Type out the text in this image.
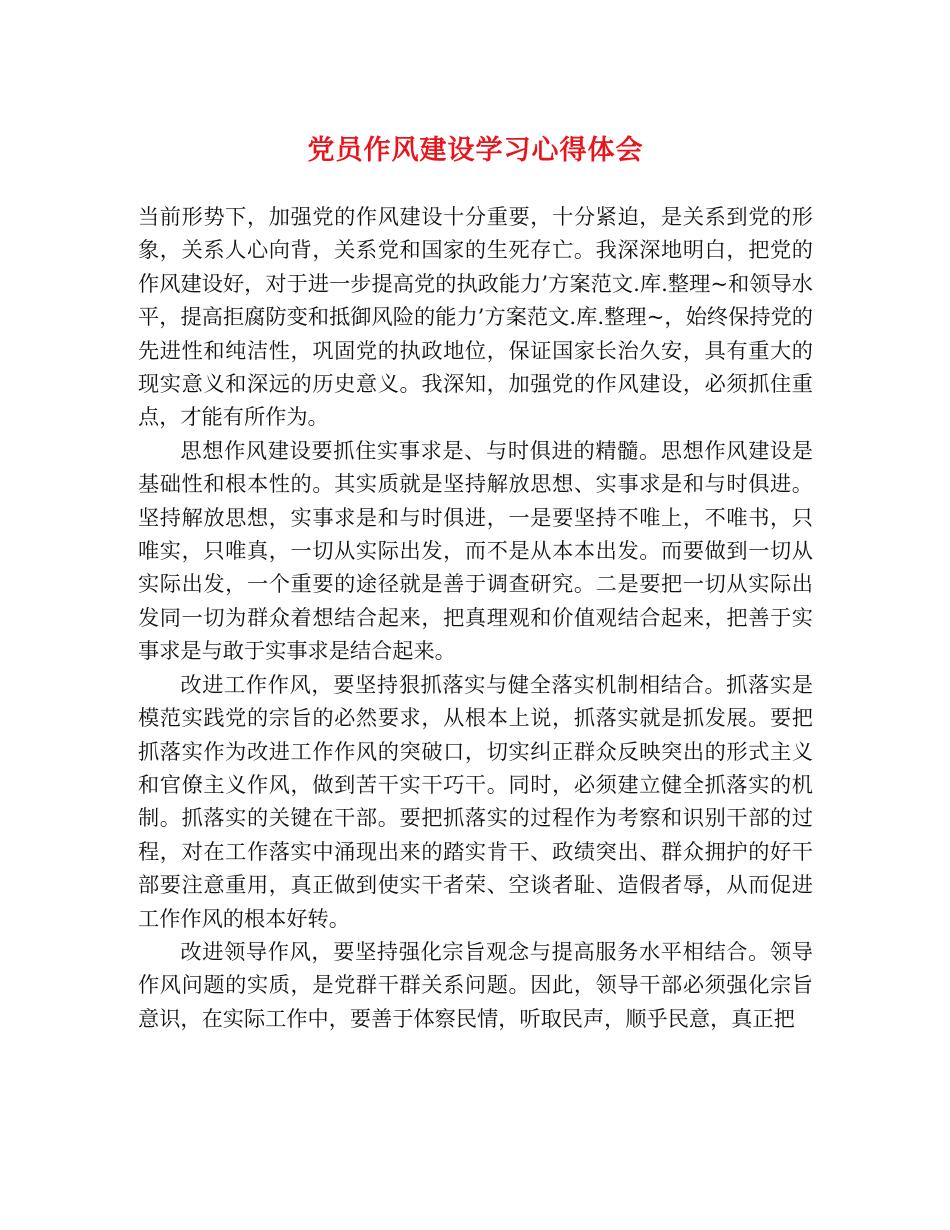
党员作风建设学习心得体会

当前形势下，加强党的作风建设十分重要，十分紧迫，是关系到党的形象，关系人心向背，关系党和国家的生死存亡。我深深地明白，把党的作风建设好，对于进一步提高党的执政能力’方案范文.库.整理~和领导水平，提高拒腐防变和抵御风险的能力’方案范文.库.整理~，始终保持党的先进性和纯洁性，巩固党的执政地位，保证国家长治久安，具有重大的现实意义和深远的历史意义。我深知，加强党的作风建设，必须抓住重点，才能有所作为。

思想作风建设要抓住实事求是、与时俱进的精髓。思想作风建设是基础性和根本性的。其实质就是坚持解放思想、实事求是和与时俱进。坚持解放思想，实事求是和与时俱进，一是要坚持不唯上，不唯书，只唯实，只唯真，一切从实际出发，而不是从本本出发。而要做到一切从实际出发，一个重要的途径就是善于调查研究。二是要把一切从实际出发同一切为群众着想结合起来，把真理观和价值观结合起来，把善于实事求是与敢于实事求是结合起来。

改进工作作风，要坚持狠抓落实与健全落实机制相结合。抓落实是模范实践党的宗旨的必然要求，从根本上说，抓落实就是抓发展。要把抓落实作为改进工作作风的突破口，切实纠正群众反映突出的形式主义和官僚主义作风，做到苦干实干巧干。同时，必须建立健全抓落实的机制。抓落实的关键在干部。要把抓落实的过程作为考察和识别干部的过程，对在工作落实中涌现出来的踏实肯干、政绩突出、群众拥护的好干部要注意重用，真正做到使实干者荣、空谈者耻、造假者辱，从而促进工作作风的根本好转。

改进领导作风，要坚持强化宗旨观念与提高服务水平相结合。领导作风问题的实质，是党群干群关系问题。因此，领导干部必须强化宗旨意识，在实际工作中，要善于体察民情，听取民声，顺乎民意，真正把
